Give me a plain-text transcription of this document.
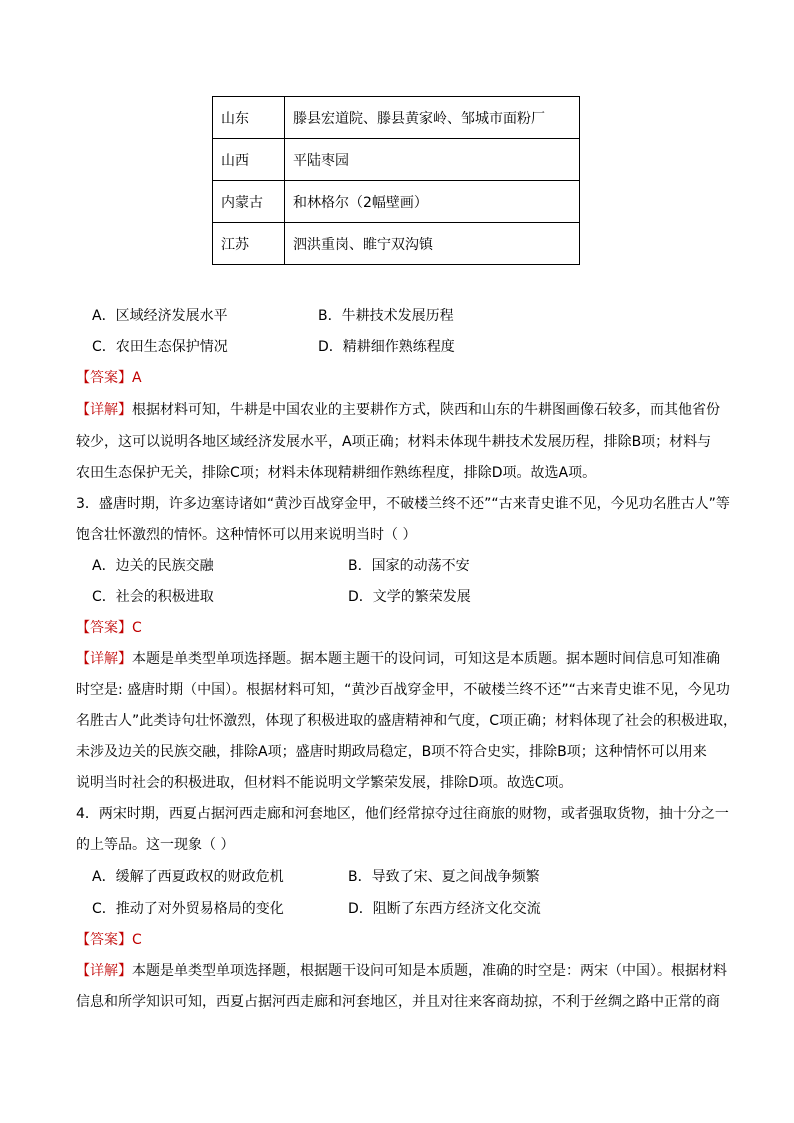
山东	滕县宏道院、滕县黄家岭、邹城市面粉厂
山西	平陆枣园
内蒙古	和林格尔（2幅壁画）
江苏	泗洪重岗、睢宁双沟镇
A．区域经济发展水平	B．牛耕技术发展历程
C．农田生态保护情况	D．精耕细作熟练程度
【答案】A
【详解】根据材料可知，牛耕是中国农业的主要耕作方式，陕西和山东的牛耕图画像石较多，而其他省份
较少，这可以说明各地区域经济发展水平，A项正确；材料未体现牛耕技术发展历程，排除B项；材料与
农田生态保护无关，排除C项；材料未体现精耕细作熟练程度，排除D项。故选A项。
3．盛唐时期，许多边塞诗诸如“黄沙百战穿金甲，不破楼兰终不还”“古来青史谁不见，今见功名胜古人”等
饱含壮怀激烈的情怀。这种情怀可以用来说明当时（ ）
A．边关的民族交融	B．国家的动荡不安
C．社会的积极进取	D．文学的繁荣发展
【答案】C
【详解】本题是单类型单项选择题。据本题主题干的设问词，可知这是本质题。据本题时间信息可知准确
时空是: 盛唐时期（中国）。根据材料可知，“黄沙百战穿金甲，不破楼兰终不还”“古来青史谁不见，今见功
名胜古人”此类诗句壮怀激烈，体现了积极进取的盛唐精神和气度，C项正确；材料体现了社会的积极进取，
未涉及边关的民族交融，排除A项；盛唐时期政局稳定，B项不符合史实，排除B项；这种情怀可以用来
说明当时社会的积极进取，但材料不能说明文学繁荣发展，排除D项。故选C项。
4．两宋时期，西夏占据河西走廊和河套地区，他们经常掠夺过往商旅的财物，或者强取货物，抽十分之一
的上等品。这一现象（ ）
A．缓解了西夏政权的财政危机	B．导致了宋、夏之间战争频繁
C．推动了对外贸易格局的变化	D．阻断了东西方经济文化交流
【答案】C
【详解】本题是单类型单项选择题，根据题干设问可知是本质题，准确的时空是：两宋（中国）。根据材料
信息和所学知识可知，西夏占据河西走廊和河套地区，并且对往来客商劫掠，不利于丝绸之路中正常的商
